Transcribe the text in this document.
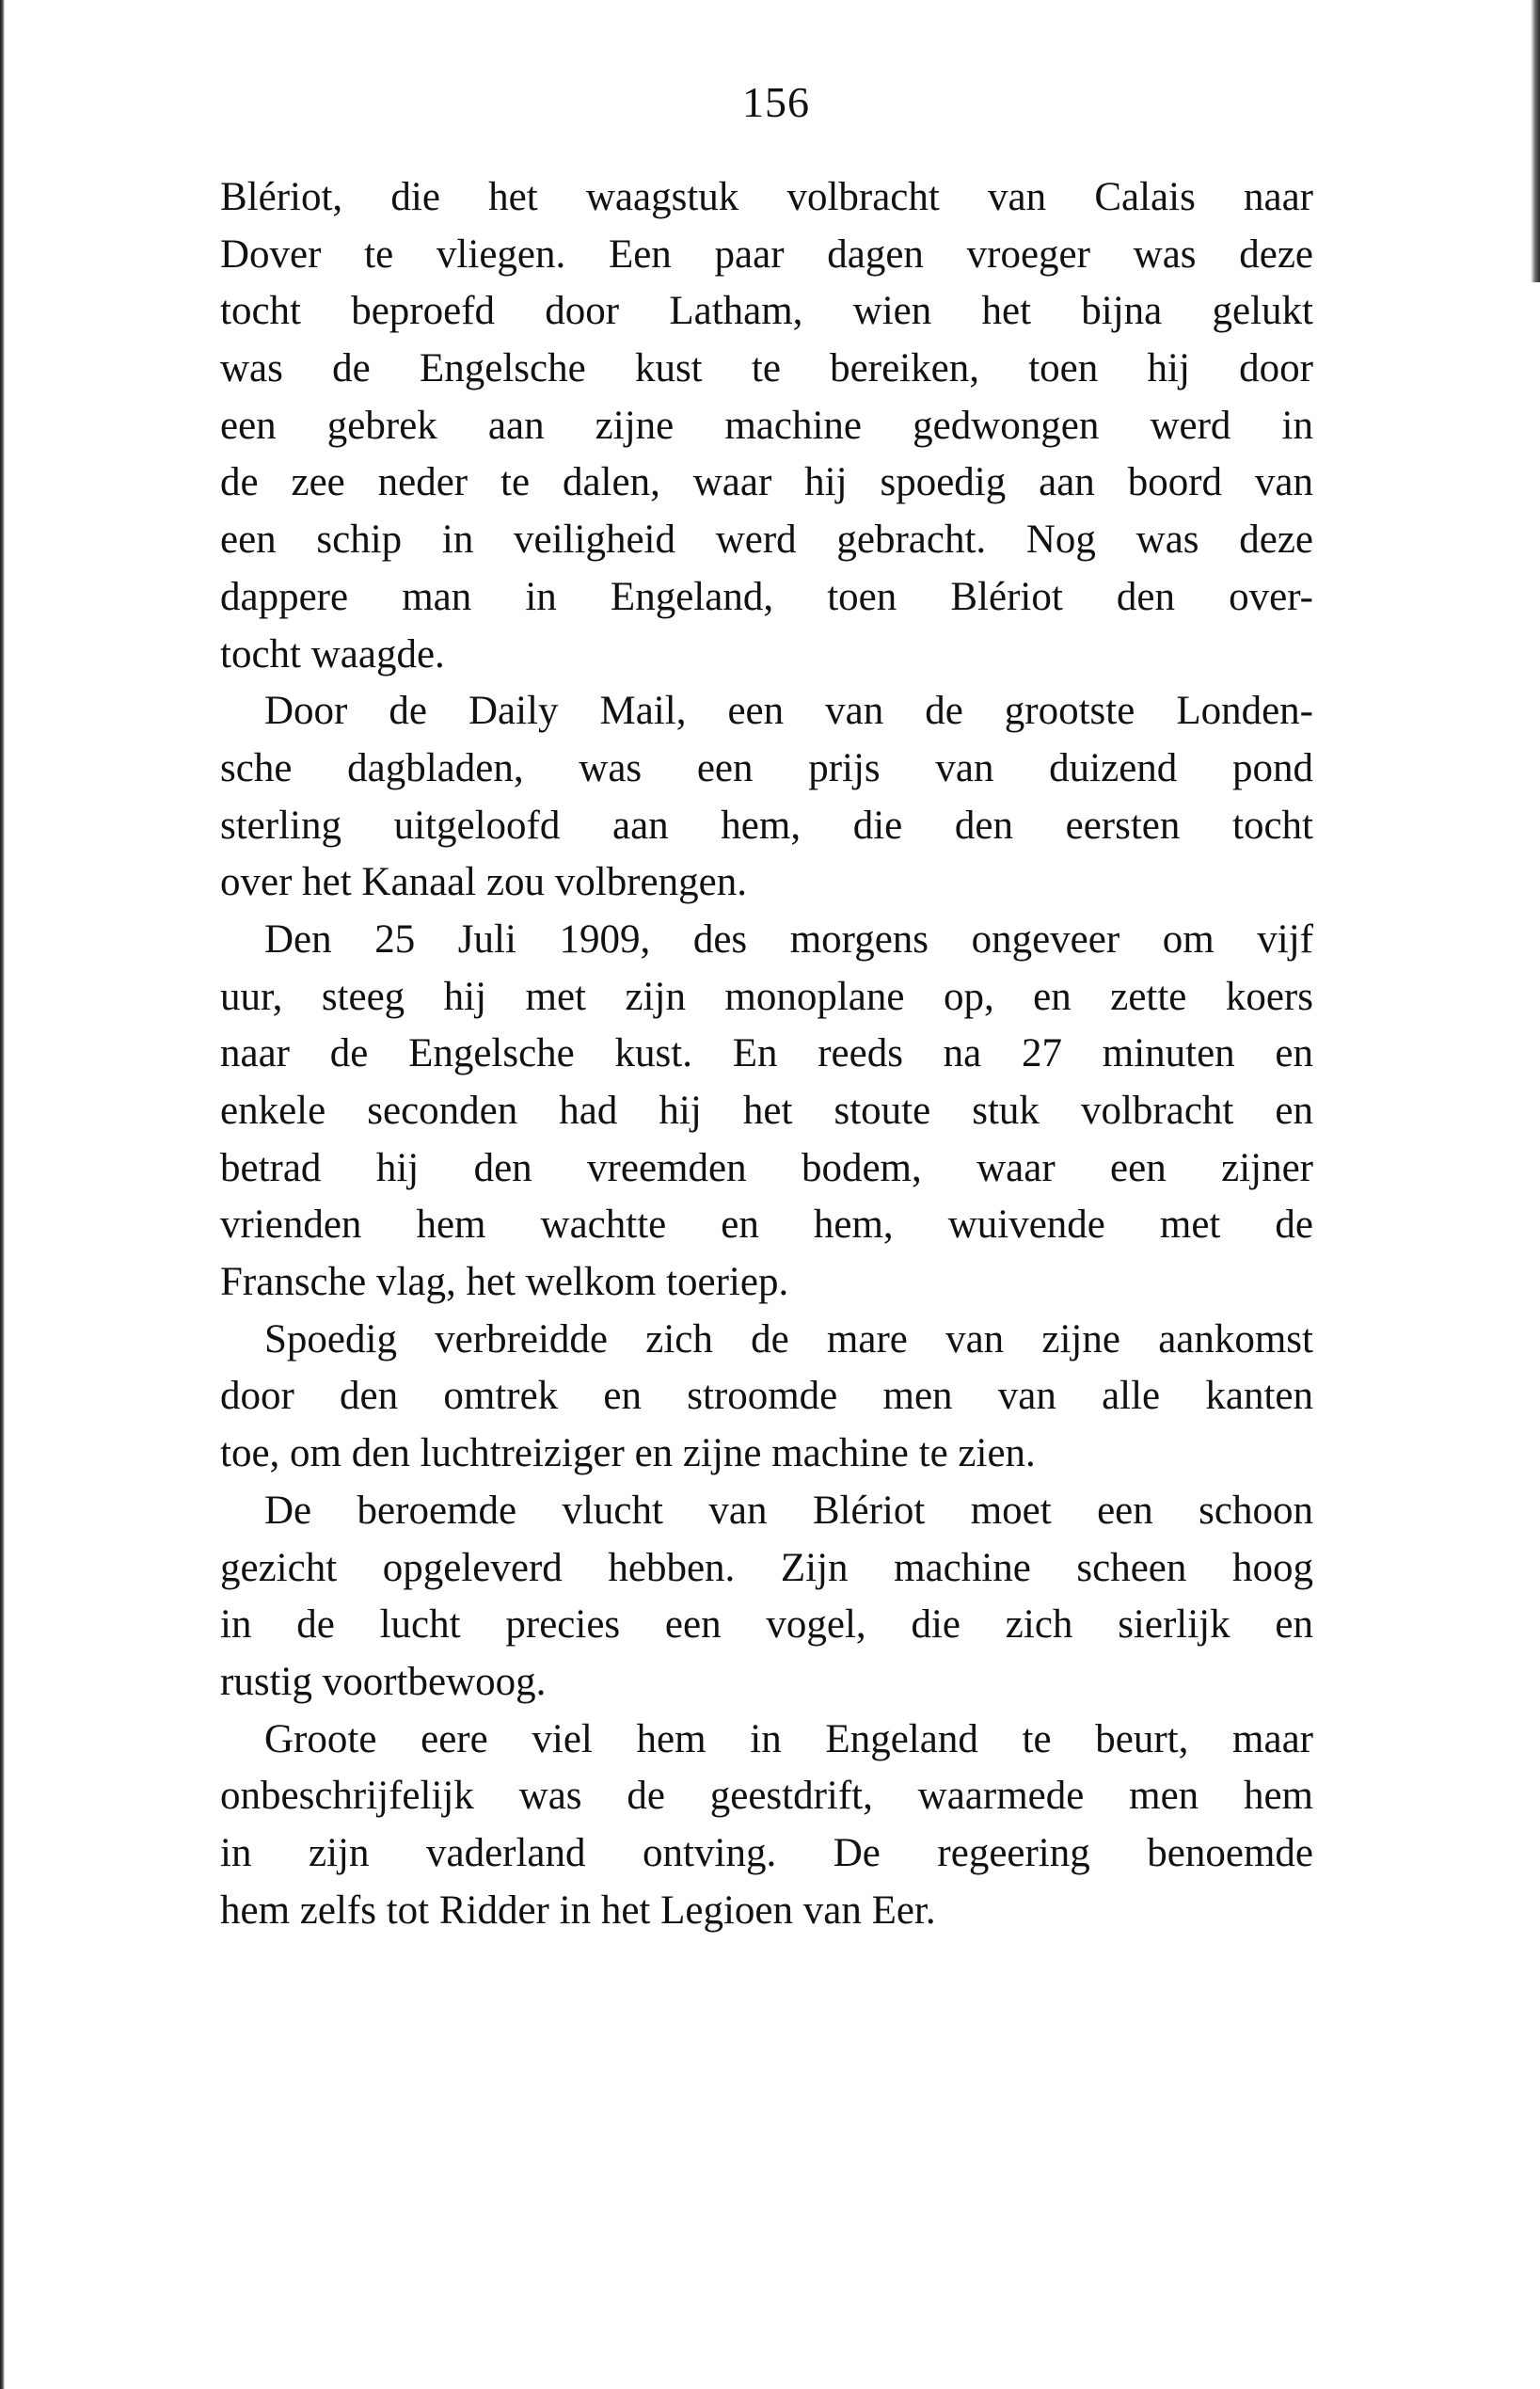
156
Blériot, die het waagstuk volbracht van Calais naar
Dover te vliegen. Een paar dagen vroeger was deze
tocht beproefd door Latham, wien het bijna gelukt
was de Engelsche kust te bereiken, toen hij door
een gebrek aan zijne machine gedwongen werd in
de zee neder te dalen, waar hij spoedig aan boord van
een schip in veiligheid werd gebracht. Nog was deze
dappere man in Engeland, toen Blériot den over-
tocht waagde.
Door de Daily Mail, een van de grootste Londen-
sche dagbladen, was een prijs van duizend pond
sterling uitgeloofd aan hem, die den eersten tocht
over het Kanaal zou volbrengen.
Den 25 Juli 1909, des morgens ongeveer om vijf
uur, steeg hij met zijn monoplane op, en zette koers
naar de Engelsche kust. En reeds na 27 minuten en
enkele seconden had hij het stoute stuk volbracht en
betrad hij den vreemden bodem, waar een zijner
vrienden hem wachtte en hem, wuivende met de
Fransche vlag, het welkom toeriep.
Spoedig verbreidde zich de mare van zijne aankomst
door den omtrek en stroomde men van alle kanten
toe, om den luchtreiziger en zijne machine te zien.
De beroemde vlucht van Blériot moet een schoon
gezicht opgeleverd hebben. Zijn machine scheen hoog
in de lucht precies een vogel, die zich sierlijk en
rustig voortbewoog.
Groote eere viel hem in Engeland te beurt, maar
onbeschrijfelijk was de geestdrift, waarmede men hem
in zijn vaderland ontving. De regeering benoemde
hem zelfs tot Ridder in het Legioen van Eer.
